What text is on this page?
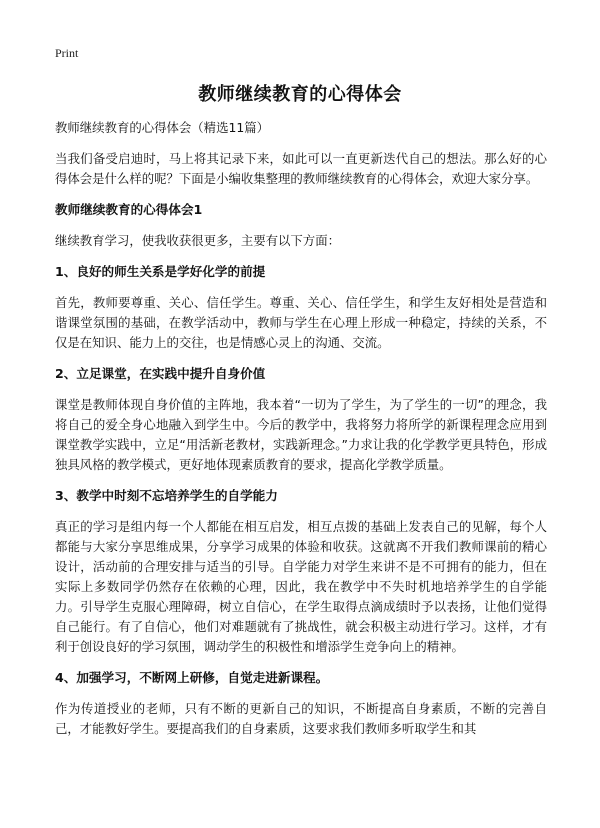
Print
教师继续教育的心得体会

教师继续教育的心得体会（精选11篇）

当我们备受启迪时，马上将其记录下来，如此可以一直更新迭代自己的想法。那么好的心得体会是什么样的呢？下面是小编收集整理的教师继续教育的心得体会，欢迎大家分享。

教师继续教育的心得体会1

继续教育学习，使我收获很更多，主要有以下方面：

1、良好的师生关系是学好化学的前提

首先，教师要尊重、关心、信任学生。尊重、关心、信任学生，和学生友好相处是营造和谐课堂氛围的基础，在教学活动中，教师与学生在心理上形成一种稳定，持续的关系，不仅是在知识、能力上的交往，也是情感心灵上的沟通、交流。

2、立足课堂，在实践中提升自身价值

课堂是教师体现自身价值的主阵地，我本着“一切为了学生，为了学生的一切”的理念，我将自己的爱全身心地融入到学生中。今后的教学中，我将努力将所学的新课程理念应用到课堂教学实践中，立足“用活新老教材，实践新理念。”力求让我的化学教学更具特色，形成独具风格的教学模式，更好地体现素质教育的要求，提高化学教学质量。

3、教学中时刻不忘培养学生的自学能力

真正的学习是组内每一个人都能在相互启发，相互点拨的基础上发表自己的见解，每个人都能与大家分享思维成果，分享学习成果的体验和收获。这就离不开我们教师课前的精心设计，活动前的合理安排与适当的引导。自学能力对学生来讲不是不可拥有的能力，但在实际上多数同学仍然存在依赖的心理，因此，我在教学中不失时机地培养学生的自学能力。引导学生克服心理障碍，树立自信心，在学生取得点滴成绩时予以表扬，让他们觉得自己能行。有了自信心，他们对难题就有了挑战性，就会积极主动进行学习。这样，才有利于创设良好的学习氛围，调动学生的积极性和增添学生竞争向上的精神。

4、加强学习，不断网上研修，自觉走进新课程。

作为传道授业的老师，只有不断的更新自己的知识，不断提高自身素质，不断的完善自己，才能教好学生。要提高我们的自身素质，这要求我们教师多听取学生和其
